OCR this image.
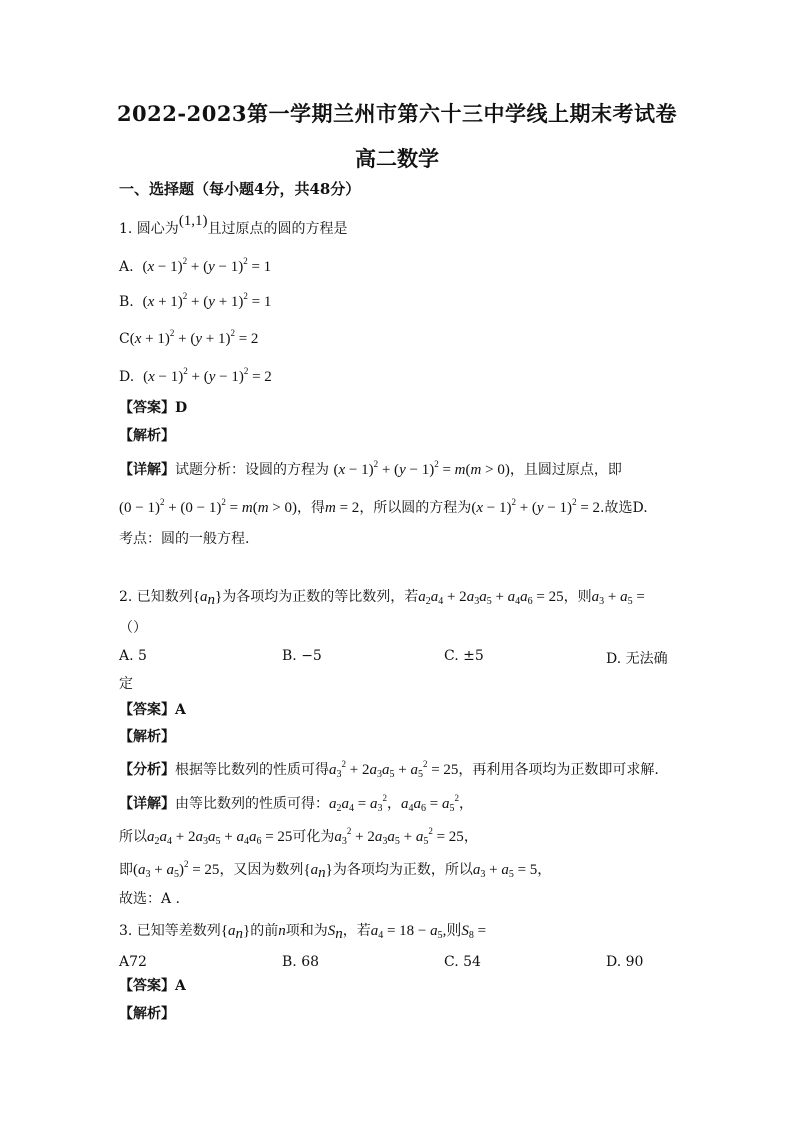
2022-2023第一学期兰州市第六十三中学线上期末考试卷
高二数学
一、选择题（每小题4分，共48分）
1. 圆心为(1,1)且过原点的圆的方程是
A. $(x - 1)^2 + (y - 1)^2 = 1$
B. $(x + 1)^2 + (y + 1)^2 = 1$
$C(x + 1)^2 + (y + 1)^2 = 2$
D. $(x - 1)^2 + (y - 1)^2 = 2$
【答案】D
【解析】
【详解】试题分析：设圆的方程为 $(x - 1)^2 + (y - 1)^2 = m(m > 0)$，且圆过原点，即
$(0 - 1)^2 + (0 - 1)^2 = m(m > 0)$，得m = 2，所以圆的方程为$(x - 1)^2 + (y - 1)^2 = 2$.故选D.
考点：圆的一般方程.
2. 已知数列$\{a_n\}$为各项均为正数的等比数列，若$a_2a_4 + 2a_3a_5 + a_4a_6 = 25$，则$a_3 + a_5$ =
（）
A. 5	B. −5	C. ±5	D. 无法确
定
【答案】A
【解析】
【分析】根据等比数列的性质可得$a_3^2 + 2a_3a_5 + a_5^2 = 25$，再利用各项均为正数即可求解.
【详解】由等比数列的性质可得：$a_2a_4 = a_3^2$，$a_4a_6 = a_5^2$，
所以$a_2a_4 + 2a_3a_5 + a_4a_6 = 25$可化为$a_3^2 + 2a_3a_5 + a_5^2 = 25$，
即$(a_3 + a_5)^2 = 25$，又因为数列$\{a_n\}$为各项均为正数，所以$a_3 + a_5 = 5$，
故选：A .
3. 已知等差数列$\{a_n\}$的前n项和为$S_n$，若$a_4 = 18 - a_5$,则$S_8$ =
A72	B. 68	C. 54	D. 90
【答案】A
【解析】
